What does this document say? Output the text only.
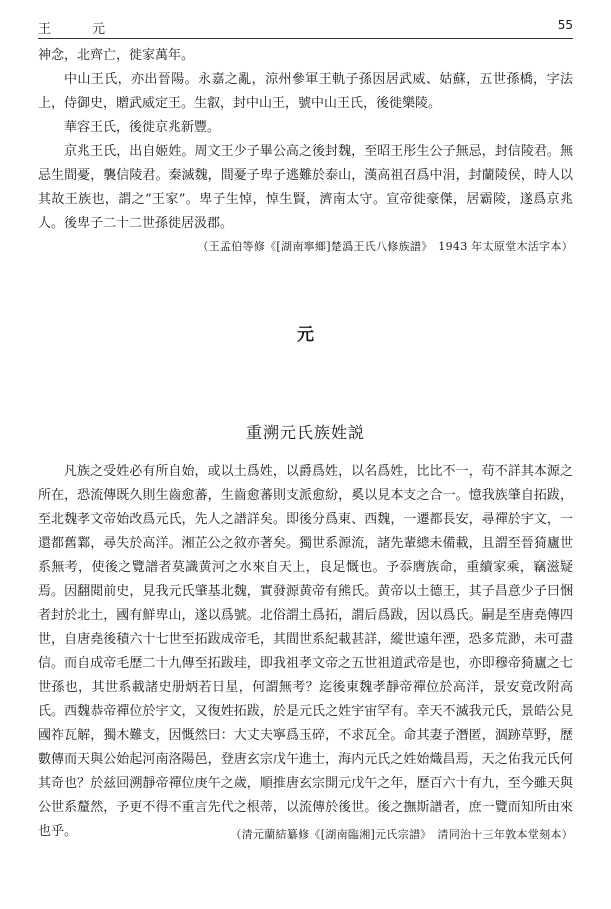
王　元	55

神念，北齊亡，徙家萬年。

中山王氏，亦出晉陽。永嘉之亂，涼州參軍王軌子孫因居武威、姑蘇，五世孫橋，字法上，侍御史，贈武威定王。生叡，封中山王，號中山王氏，後徙樂陵。

華容王氏，後徙京兆新豐。

京兆王氏，出自姬姓。周文王少子畢公高之後封魏，至昭王彤生公子無忌，封信陵君。無忌生間憂，襲信陵君。秦滅魏，間憂子卑子逃難於泰山，漢高祖召爲中涓，封蘭陵侯，時人以其故王族也，謂之“王家”。卑子生悼，悼生賢，濟南太守。宣帝徙豪傑，居霸陵，遂爲京兆人。後卑子二十二世孫徙居汲郡。

（王孟伯等修《[湖南寧鄉]楚潙王氏八修族譜》　1943 年太原堂木活字本）
元
重溯元氏族姓説

凡族之受姓必有所自始，或以土爲姓，以爵爲姓，以名爲姓，比比不一，茍不詳其本源之所在，恐流傳既久則生齒愈蕃，生齒愈蕃則支派愈紛，奚以見本支之合一。憶我族肇自拓跋，至北魏孝文帝始改爲元氏，先人之譜詳矣。即後分爲東、西魏，一遷都長安，尋禪於宇文，一還都舊鄴，尋失於高洋。湘芷公之敘亦著矣。獨世系源流，諸先輩總未備載，且謂至晉猗廬世系無考，使後之覽譜者莫識黄河之水來自天上，良足慨也。予忝膺族命，重續家乘，竊滋疑焉。因翻閲前史，見我元氏肇基北魏，實發源黄帝有熊氏。黄帝以土德王，其子昌意少子曰悃者封於北土，國有鮮卑山，遂以爲號。北俗謂土爲拓，謂后爲跋，因以爲氏。嗣是至唐堯傳四世，自唐堯後積六十七世至拓跋成帝毛，其間世系紀載甚詳，縱世遠年湮，恐多荒渺，未可盡信。而自成帝毛歷二十九傳至拓跋珪，即我祖孝文帝之五世祖道武帝是也，亦即穆帝猗廬之七世孫也，其世系載諸史册炳若日星，何謂無考？迄後東魏孝靜帝禪位於高洋，景安竟改附高氏。西魏恭帝禪位於宇文，又復姓拓跋，於是元氏之姓宇宙罕有。幸天不滅我元氏，景皓公見國祚瓦解，獨木難支，因慨然曰：大丈夫寧爲玉碎，不求瓦全。命其妻子潛匿，涸跡草野，歷數傳而天與公始起河南洛陽邑，登唐玄宗戊午進士，海内元氏之姓始熾昌焉，天之佑我元氏何其奇也？於兹回溯靜帝禪位庚午之歲，順推唐玄宗開元戊午之年，歷百六十有九，至今雖天與公世系釐然，予更不得不重言先代之根蒂，以流傳於後世。後之撫斯譜者，庶一覽而知所由來也乎。	（清元蘭結纂修《[湖南臨湘]元氏宗譜》　清同治十三年敦本堂刻本）
